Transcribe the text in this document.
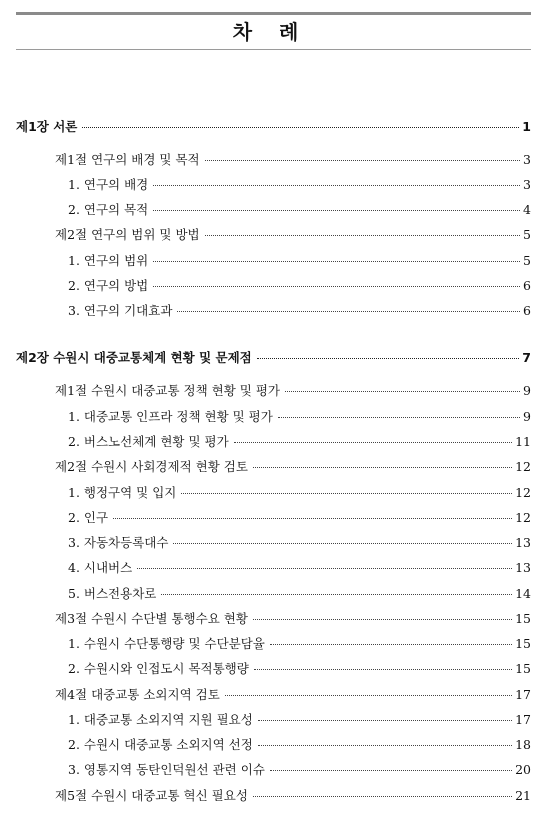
차 례
제1장 서론	1
제1절 연구의 배경 및 목적	3
1. 연구의 배경	3
2. 연구의 목적	4
제2절 연구의 범위 및 방법	5
1. 연구의 범위	5
2. 연구의 방법	6
3. 연구의 기대효과	6
제2장 수원시 대중교통체계 현황 및 문제점	7
제1절 수원시 대중교통 정책 현황 및 평가	9
1. 대중교통 인프라 정책 현황 및 평가	9
2. 버스노선체계 현황 및 평가	11
제2절 수원시 사회경제적 현황 검토	12
1. 행정구역 및 입지	12
2. 인구	12
3. 자동차등록대수	13
4. 시내버스	13
5. 버스전용차로	14
제3절 수원시 수단별 통행수요 현황	15
1. 수원시 수단통행량 및 수단분담율	15
2. 수원시와 인접도시 목적통행량	15
제4절 대중교통 소외지역 검토	17
1. 대중교통 소외지역 지원 필요성	17
2. 수원시 대중교통 소외지역 선정	18
3. 영통지역 동탄인덕원선 관련 이슈	20
제5절 수원시 대중교통 혁신 필요성	21
